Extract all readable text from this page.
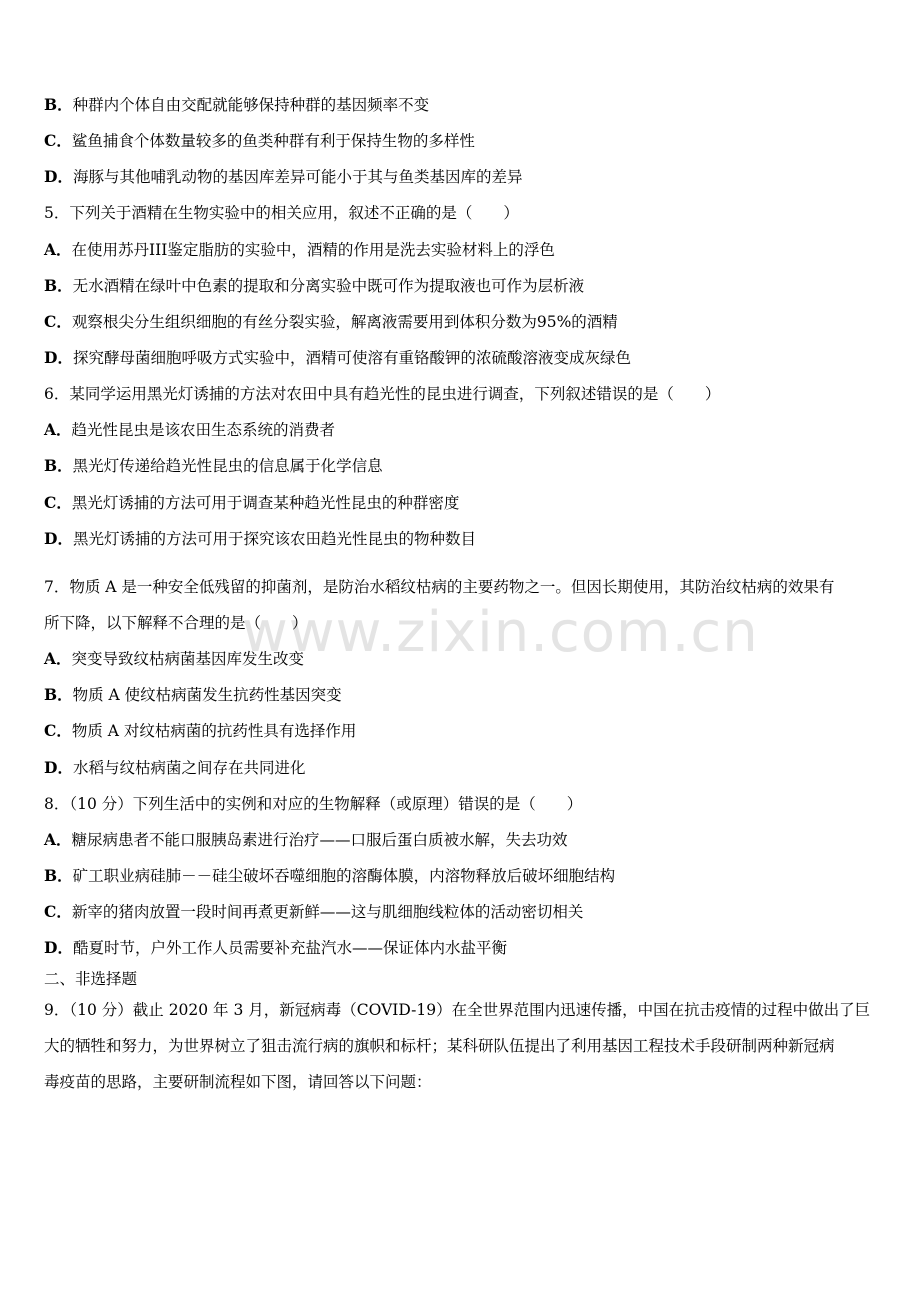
www.zixin.com.cn
B．种群内个体自由交配就能够保持种群的基因频率不变
C．鲨鱼捕食个体数量较多的鱼类种群有利于保持生物的多样性
D．海豚与其他哺乳动物的基因库差异可能小于其与鱼类基因库的差异
5．下列关于酒精在生物实验中的相关应用，叙述不正确的是（　　）
A．在使用苏丹III鉴定脂肪的实验中，酒精的作用是洗去实验材料上的浮色
B．无水酒精在绿叶中色素的提取和分离实验中既可作为提取液也可作为层析液
C．观察根尖分生组织细胞的有丝分裂实验，解离液需要用到体积分数为95%的酒精
D．探究酵母菌细胞呼吸方式实验中，酒精可使溶有重铬酸钾的浓硫酸溶液变成灰绿色
6．某同学运用黑光灯诱捕的方法对农田中具有趋光性的昆虫进行调查，下列叙述错误的是（　　）
A．趋光性昆虫是该农田生态系统的消费者
B．黑光灯传递给趋光性昆虫的信息属于化学信息
C．黑光灯诱捕的方法可用于调查某种趋光性昆虫的种群密度
D．黑光灯诱捕的方法可用于探究该农田趋光性昆虫的物种数目
7．物质 A 是一种安全低残留的抑菌剂，是防治水稻纹枯病的主要药物之一。但因长期使用，其防治纹枯病的效果有
所下降，以下解释不合理的是（　　）
A．突变导致纹枯病菌基因库发生改变
B．物质 A 使纹枯病菌发生抗药性基因突变
C．物质 A 对纹枯病菌的抗药性具有选择作用
D．水稻与纹枯病菌之间存在共同进化
8．（10 分）下列生活中的实例和对应的生物解释（或原理）错误的是（　　）
A．糖尿病患者不能口服胰岛素进行治疗——口服后蛋白质被水解，失去功效
B．矿工职业病硅肺－－硅尘破坏吞噬细胞的溶酶体膜，内溶物释放后破坏细胞结构
C．新宰的猪肉放置一段时间再煮更新鲜——这与肌细胞线粒体的活动密切相关
D．酷夏时节，户外工作人员需要补充盐汽水——保证体内水盐平衡
二、非选择题
9．（10 分）截止 2020 年 3 月，新冠病毒（COVID-19）在全世界范围内迅速传播，中国在抗击疫情的过程中做出了巨
大的牺牲和努力，为世界树立了狙击流行病的旗帜和标杆；某科研队伍提出了利用基因工程技术手段研制两种新冠病
毒疫苗的思路，主要研制流程如下图，请回答以下问题：
